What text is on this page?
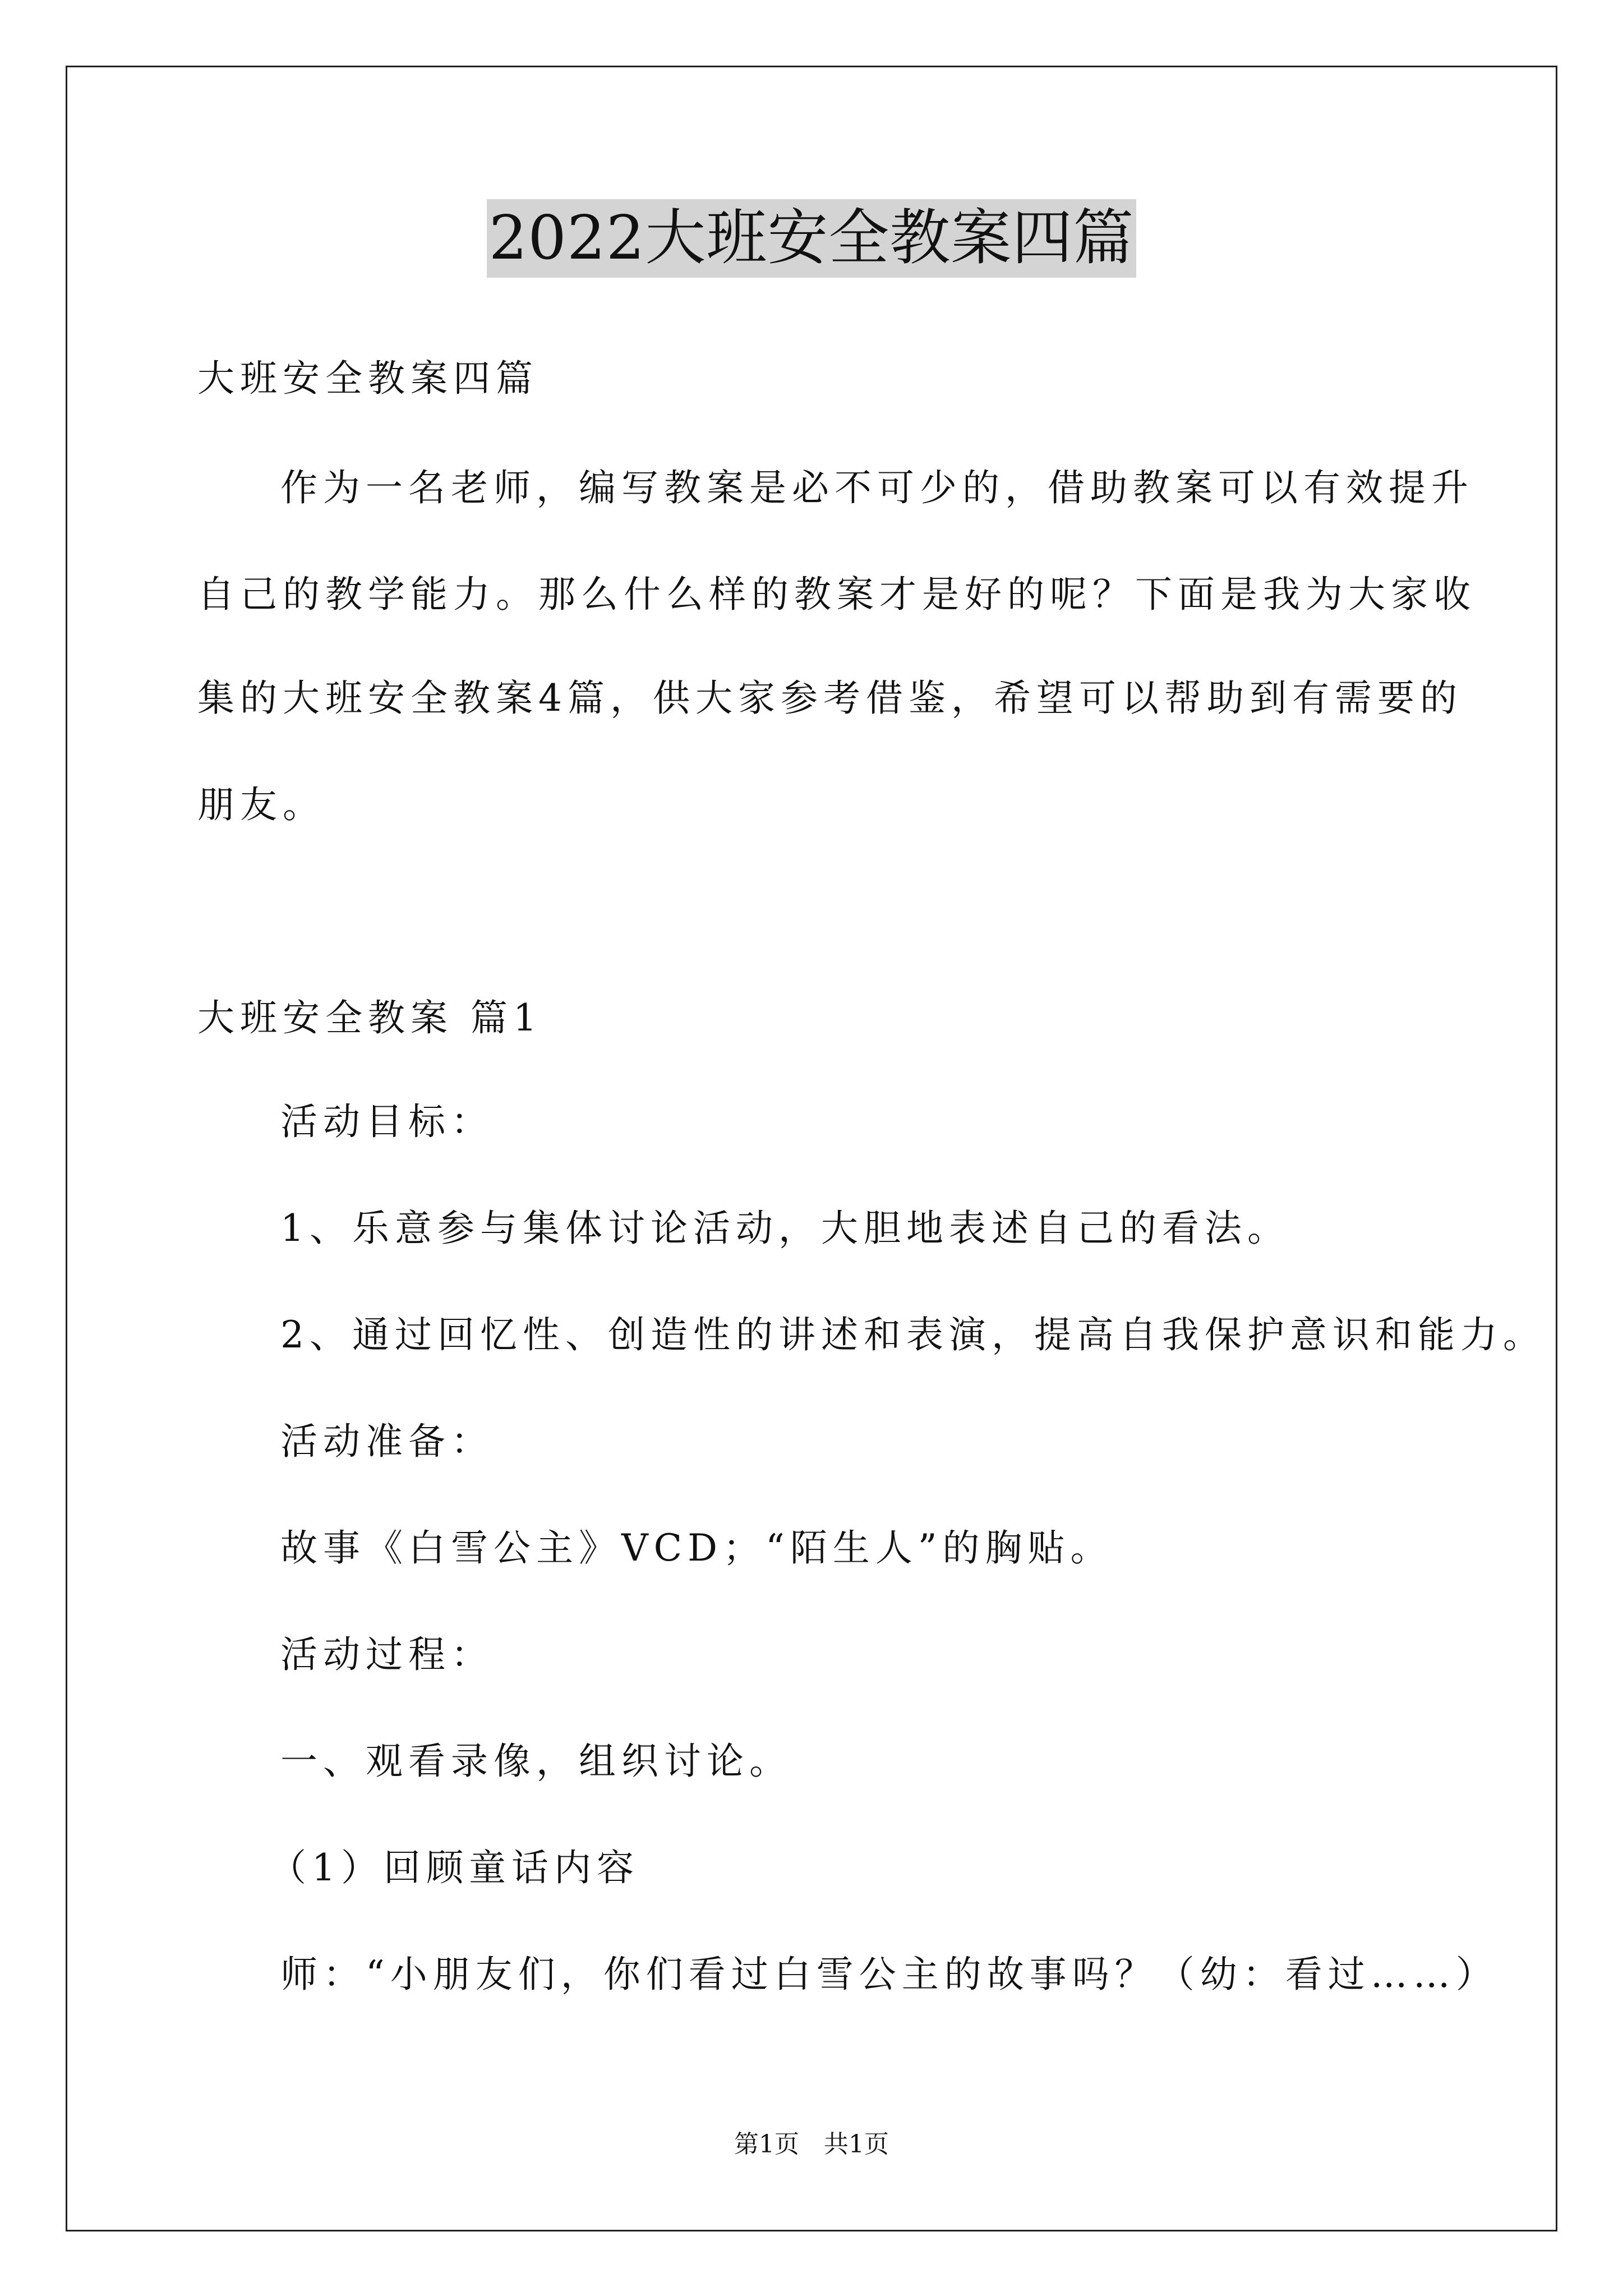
2022大班安全教案四篇
大班安全教案四篇
作为一名老师，编写教案是必不可少的，借助教案可以有效提升
自己的教学能力。那么什么样的教案才是好的呢？下面是我为大家收
集的大班安全教案4篇，供大家参考借鉴，希望可以帮助到有需要的
朋友。
大班安全教案 篇1
活动目标：
1、乐意参与集体讨论活动，大胆地表述自己的看法。
2、通过回忆性、创造性的讲述和表演，提高自我保护意识和能力。
活动准备：
故事《白雪公主》VCD；“陌生人”的胸贴。
活动过程：
一、观看录像，组织讨论。
（1）回顾童话内容
师：“小朋友们，你们看过白雪公主的故事吗？（幼：看过……）
第1页　共1页
